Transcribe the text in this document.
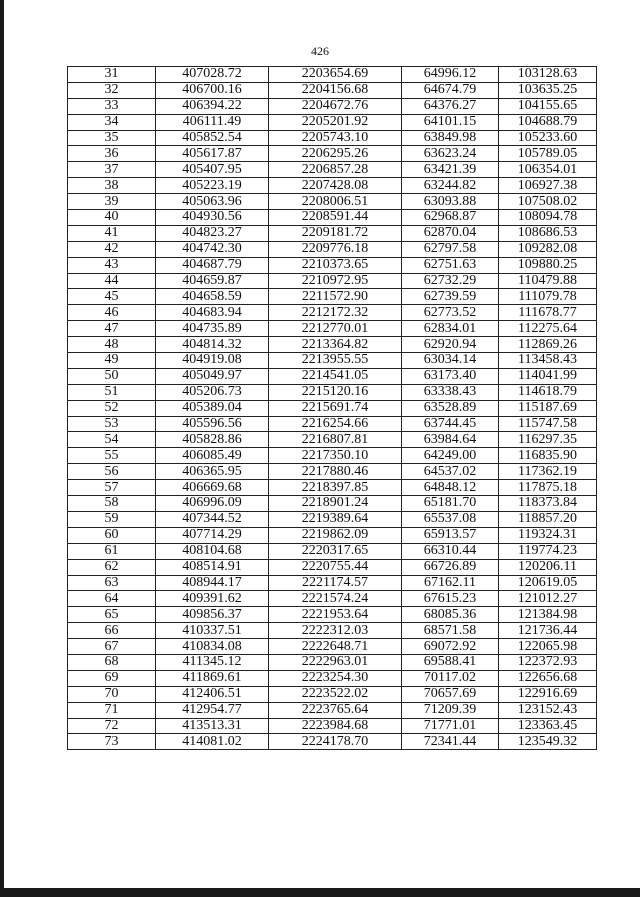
426
31	407028.72	2203654.69	64996.12	103128.63
32	406700.16	2204156.68	64674.79	103635.25
33	406394.22	2204672.76	64376.27	104155.65
34	406111.49	2205201.92	64101.15	104688.79
35	405852.54	2205743.10	63849.98	105233.60
36	405617.87	2206295.26	63623.24	105789.05
37	405407.95	2206857.28	63421.39	106354.01
38	405223.19	2207428.08	63244.82	106927.38
39	405063.96	2208006.51	63093.88	107508.02
40	404930.56	2208591.44	62968.87	108094.78
41	404823.27	2209181.72	62870.04	108686.53
42	404742.30	2209776.18	62797.58	109282.08
43	404687.79	2210373.65	62751.63	109880.25
44	404659.87	2210972.95	62732.29	110479.88
45	404658.59	2211572.90	62739.59	111079.78
46	404683.94	2212172.32	62773.52	111678.77
47	404735.89	2212770.01	62834.01	112275.64
48	404814.32	2213364.82	62920.94	112869.26
49	404919.08	2213955.55	63034.14	113458.43
50	405049.97	2214541.05	63173.40	114041.99
51	405206.73	2215120.16	63338.43	114618.79
52	405389.04	2215691.74	63528.89	115187.69
53	405596.56	2216254.66	63744.45	115747.58
54	405828.86	2216807.81	63984.64	116297.35
55	406085.49	2217350.10	64249.00	116835.90
56	406365.95	2217880.46	64537.02	117362.19
57	406669.68	2218397.85	64848.12	117875.18
58	406996.09	2218901.24	65181.70	118373.84
59	407344.52	2219389.64	65537.08	118857.20
60	407714.29	2219862.09	65913.57	119324.31
61	408104.68	2220317.65	66310.44	119774.23
62	408514.91	2220755.44	66726.89	120206.11
63	408944.17	2221174.57	67162.11	120619.05
64	409391.62	2221574.24	67615.23	121012.27
65	409856.37	2221953.64	68085.36	121384.98
66	410337.51	2222312.03	68571.58	121736.44
67	410834.08	2222648.71	69072.92	122065.98
68	411345.12	2222963.01	69588.41	122372.93
69	411869.61	2223254.30	70117.02	122656.68
70	412406.51	2223522.02	70657.69	122916.69
71	412954.77	2223765.64	71209.39	123152.43
72	413513.31	2223984.68	71771.01	123363.45
73	414081.02	2224178.70	72341.44	123549.32
